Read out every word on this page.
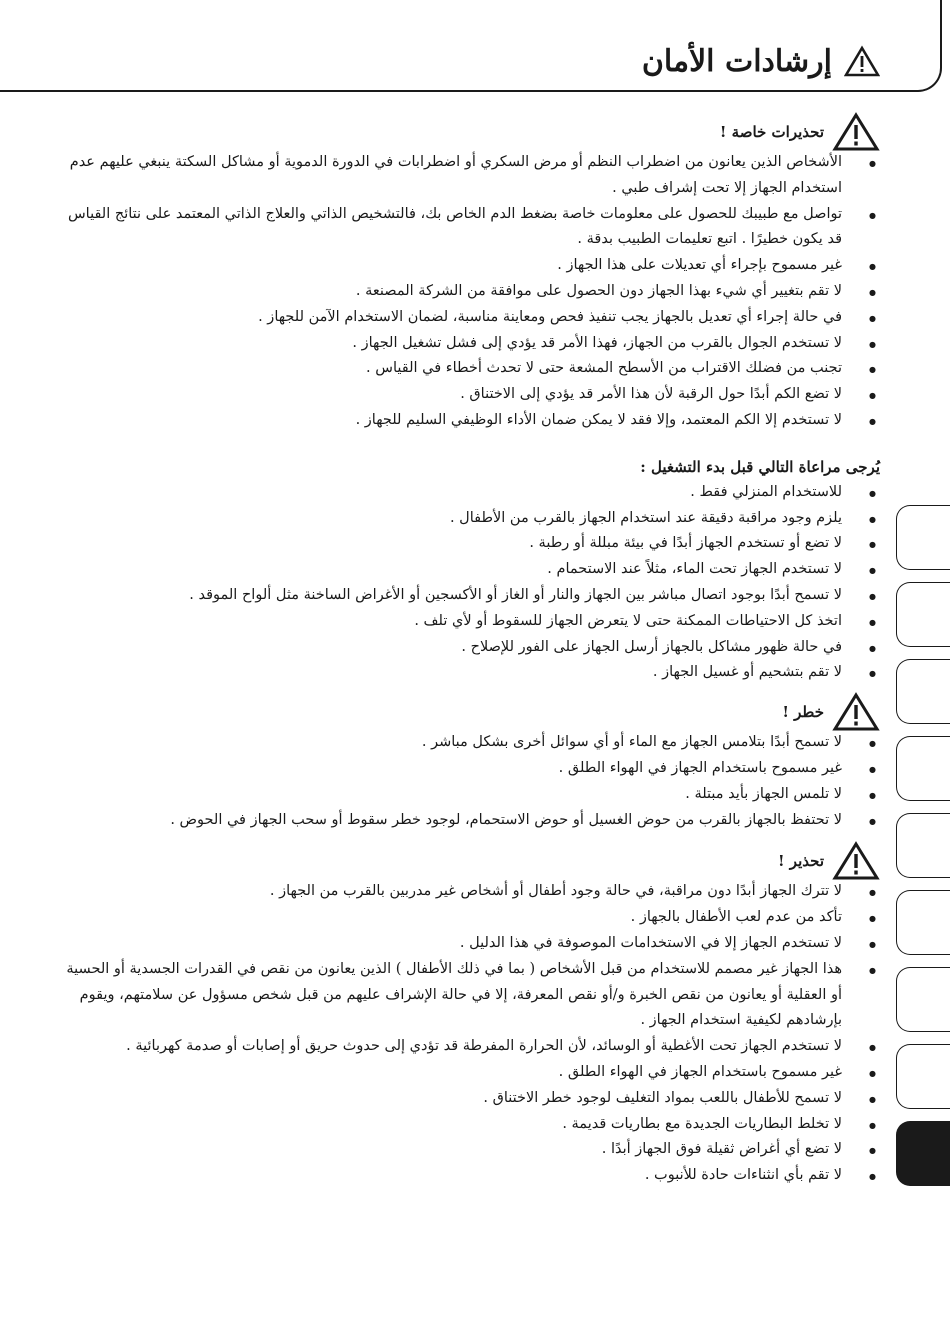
إرشادات الأمان
تحذيرات خاصة !
● الأشخاص الذين يعانون من اضطراب النظم أو مرض السكري أو اضطرابات في الدورة الدموية أو مشاكل السكتة ينبغي عليهم عدم استخدام الجهاز إلا تحت إشراف طبي .
● تواصل مع طبيبك للحصول على معلومات خاصة بضغط الدم الخاص بك، فالتشخيص الذاتي والعلاج الذاتي المعتمد على نتائج القياس قد يكون خطيرًا . اتبع تعليمات الطبيب بدقة .
● غير مسموح بإجراء أي تعديلات على هذا الجهاز .
● لا تقم بتغيير أي شيء بهذا الجهاز دون الحصول على موافقة من الشركة المصنعة .
● في حالة إجراء أي تعديل بالجهاز يجب تنفيذ فحص ومعاينة مناسبة، لضمان الاستخدام الآمن للجهاز .
● لا تستخدم الجوال بالقرب من الجهاز، فهذا الأمر قد يؤدي إلى فشل تشغيل الجهاز .
● تجنب من فضلك الاقتراب من الأسطح المشعة حتى لا تحدث أخطاء في القياس .
● لا تضع الكم أبدًا حول الرقبة لأن هذا الأمر قد يؤدي إلى الاختناق .
● لا تستخدم إلا الكم المعتمد، وإلا فقد لا يمكن ضمان الأداء الوظيفي السليم للجهاز .
يُرجى مراعاة التالي قبل بدء التشغيل :
● للاستخدام المنزلي فقط .
● يلزم وجود مراقبة دقيقة عند استخدام الجهاز بالقرب من الأطفال .
● لا تضع أو تستخدم الجهاز أبدًا في بيئة مبللة أو رطبة .
● لا تستخدم الجهاز تحت الماء، مثلاً عند الاستحمام .
● لا تسمح أبدًا بوجود اتصال مباشر بين الجهاز والنار أو الغاز أو الأكسجين أو الأغراض الساخنة مثل ألواح الموقد .
● اتخذ كل الاحتياطات الممكنة حتى لا يتعرض الجهاز للسقوط أو لأي تلف .
● في حالة ظهور مشاكل بالجهاز أرسل الجهاز على الفور للإصلاح .
● لا تقم بتشحيم أو غسيل الجهاز .
خطر !
● لا تسمح أبدًا بتلامس الجهاز مع الماء أو أي سوائل أخرى بشكل مباشر .
● غير مسموح باستخدام الجهاز في الهواء الطلق .
● لا تلمس الجهاز بأيد مبتلة .
● لا تحتفظ بالجهاز بالقرب من حوض الغسيل أو حوض الاستحمام، لوجود خطر سقوط أو سحب الجهاز في الحوض .
تحذير !
● لا تترك الجهاز أبدًا دون مراقبة، في حالة وجود أطفال أو أشخاص غير مدربين بالقرب من الجهاز .
● تأكد من عدم لعب الأطفال بالجهاز .
● لا تستخدم الجهاز إلا في الاستخدامات الموصوفة في هذا الدليل .
● هذا الجهاز غير مصمم للاستخدام من قبل الأشخاص ( بما في ذلك الأطفال ) الذين يعانون من نقص في القدرات الجسدية أو الحسية أو العقلية أو يعانون من نقص الخبرة و/أو نقص المعرفة، إلا في حالة الإشراف عليهم من قبل شخص مسؤول عن سلامتهم، ويقوم بإرشادهم لكيفية استخدام الجهاز .
● لا تستخدم الجهاز تحت الأغطية أو الوسائد، لأن الحرارة المفرطة قد تؤدي إلى حدوث حريق أو إصابات أو صدمة كهربائية .
● غير مسموح باستخدام الجهاز في الهواء الطلق .
● لا تسمح للأطفال باللعب بمواد التغليف لوجود خطر الاختناق .
● لا تخلط البطاريات الجديدة مع بطاريات قديمة .
● لا تضع أي أغراض ثقيلة فوق الجهاز أبدًا .
● لا تقم بأي انثناءات حادة للأنبوب .
